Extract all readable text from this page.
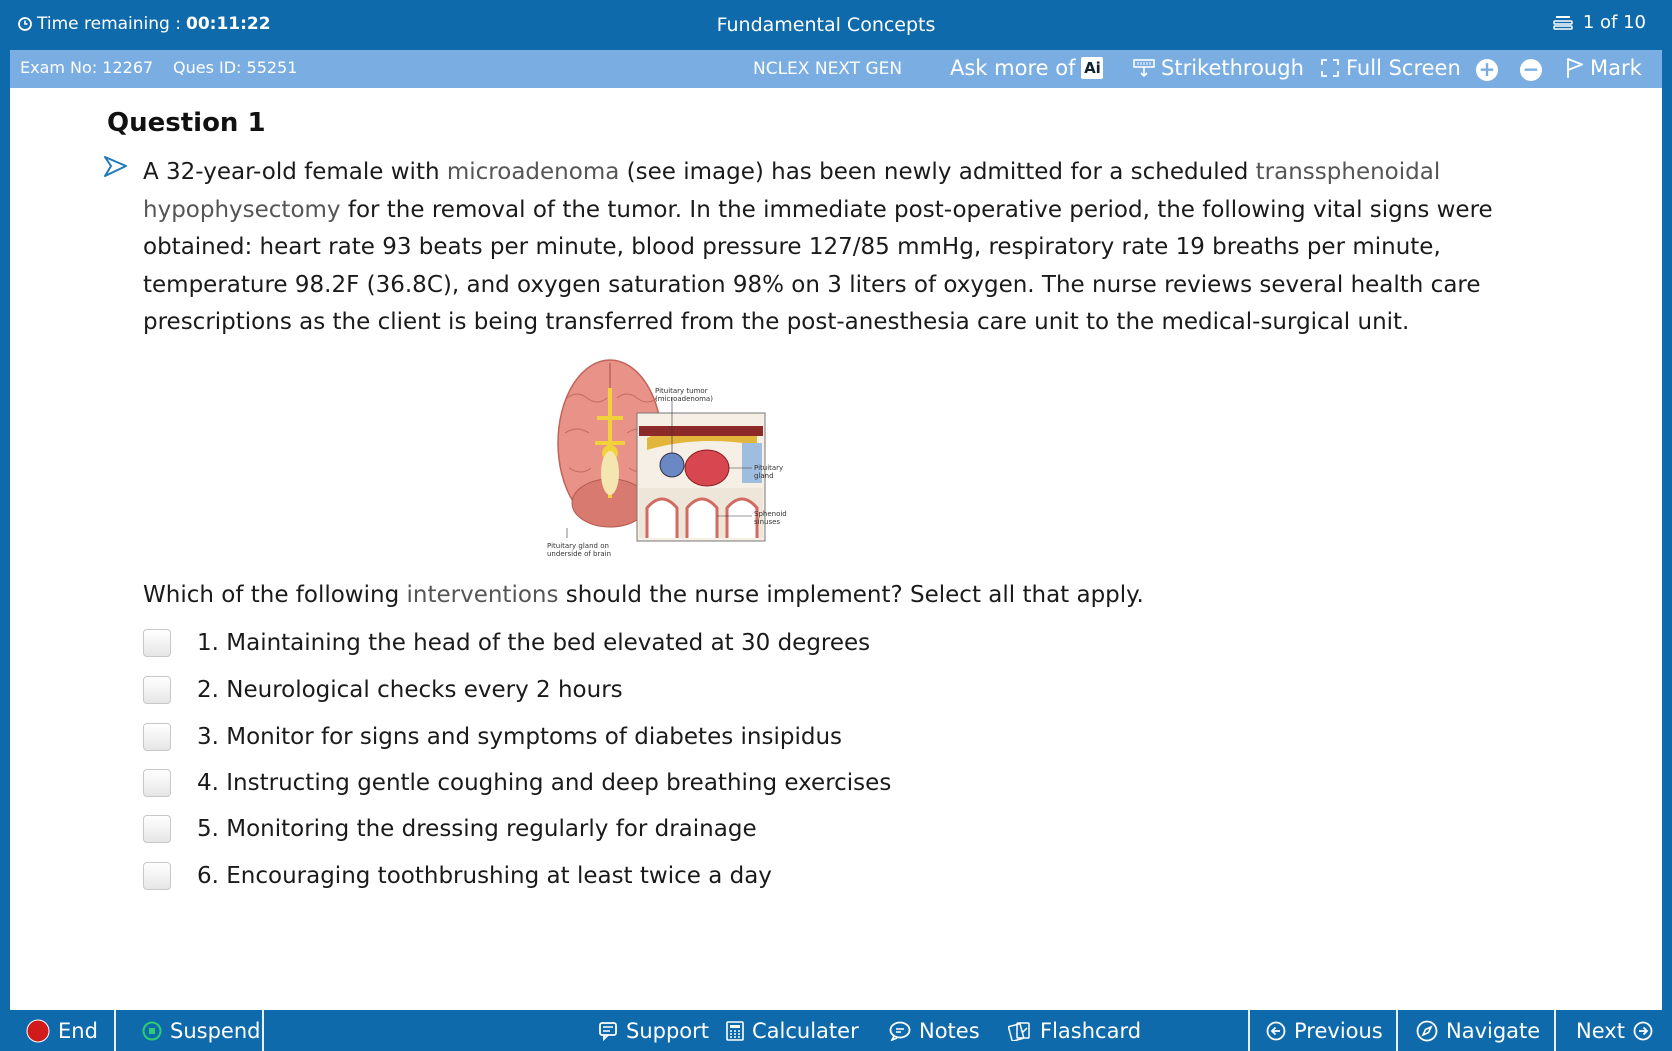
Time remaining : 00:11:22	Fundamental Concepts	1 of 10
Exam No: 12267 Ques ID: 55251	NCLEX NEXT GEN Ask more of Ai	Strikethrough Full Screen + − Mark
Question 1
A 32-year-old female with microadenoma (see image) has been newly admitted for a scheduled transsphenoidal hypophysectomy for the removal of the tumor. In the immediate post-operative period, the following vital signs were obtained: heart rate 93 beats per minute, blood pressure 127/85 mmHg, respiratory rate 19 breaths per minute, temperature 98.2F (36.8C), and oxygen saturation 98% on 3 liters of oxygen. The nurse reviews several health care prescriptions as the client is being transferred from the post-anesthesia care unit to the medical-surgical unit.
Pituitary tumor (microadenoma)
Pituitary gland
Sphenoid sinuses
Pituitary gland on underside of brain
Which of the following interventions should the nurse implement? Select all that apply.
1. Maintaining the head of the bed elevated at 30 degrees
2. Neurological checks every 2 hours
3. Monitor for signs and symptoms of diabetes insipidus
4. Instructing gentle coughing and deep breathing exercises
5. Monitoring the dressing regularly for drainage
6. Encouraging toothbrushing at least twice a day
End	Suspend	Support Calculater	Notes	Flashcard	Previous	Navigate Next
